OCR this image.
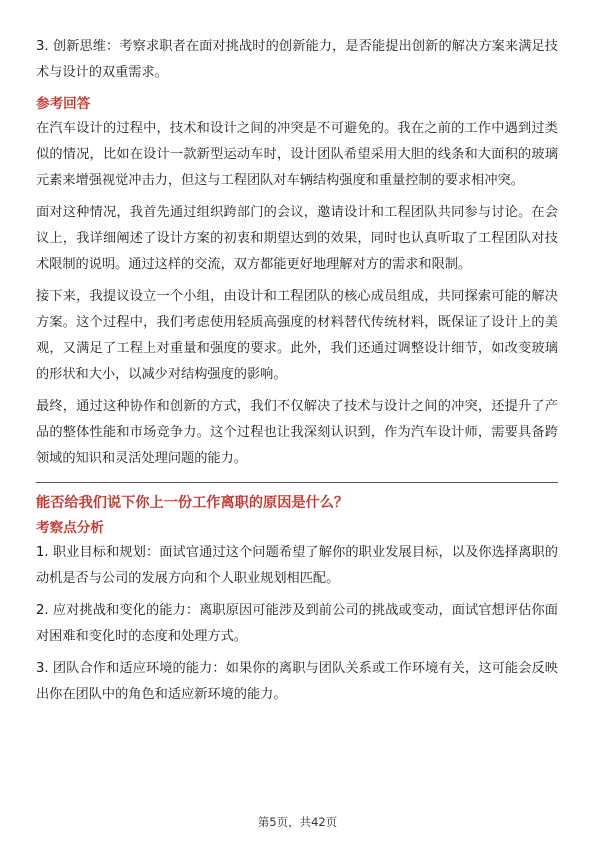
3. 创新思维：考察求职者在面对挑战时的创新能力，是否能提出创新的解决方案来满足技术与设计的双重需求。

参考回答

在汽车设计的过程中，技术和设计之间的冲突是不可避免的。我在之前的工作中遇到过类似的情况，比如在设计一款新型运动车时，设计团队希望采用大胆的线条和大面积的玻璃元素来增强视觉冲击力，但这与工程团队对车辆结构强度和重量控制的要求相冲突。

面对这种情况，我首先通过组织跨部门的会议，邀请设计和工程团队共同参与讨论。在会议上，我详细阐述了设计方案的初衷和期望达到的效果，同时也认真听取了工程团队对技术限制的说明。通过这样的交流，双方都能更好地理解对方的需求和限制。

接下来，我提议设立一个小组，由设计和工程团队的核心成员组成，共同探索可能的解决方案。这个过程中，我们考虑使用轻质高强度的材料替代传统材料，既保证了设计上的美观，又满足了工程上对重量和强度的要求。此外，我们还通过调整设计细节，如改变玻璃的形状和大小，以减少对结构强度的影响。

最终，通过这种协作和创新的方式，我们不仅解决了技术与设计之间的冲突，还提升了产品的整体性能和市场竞争力。这个过程也让我深刻认识到，作为汽车设计师，需要具备跨领域的知识和灵活处理问题的能力。

能否给我们说下你上一份工作离职的原因是什么？
考察点分析

1. 职业目标和规划：面试官通过这个问题希望了解你的职业发展目标，以及你选择离职的动机是否与公司的发展方向和个人职业规划相匹配。

2. 应对挑战和变化的能力：离职原因可能涉及到前公司的挑战或变动，面试官想评估你面对困难和变化时的态度和处理方式。

3. 团队合作和适应环境的能力：如果你的离职与团队关系或工作环境有关，这可能会反映出你在团队中的角色和适应新环境的能力。

第5页，共42页
